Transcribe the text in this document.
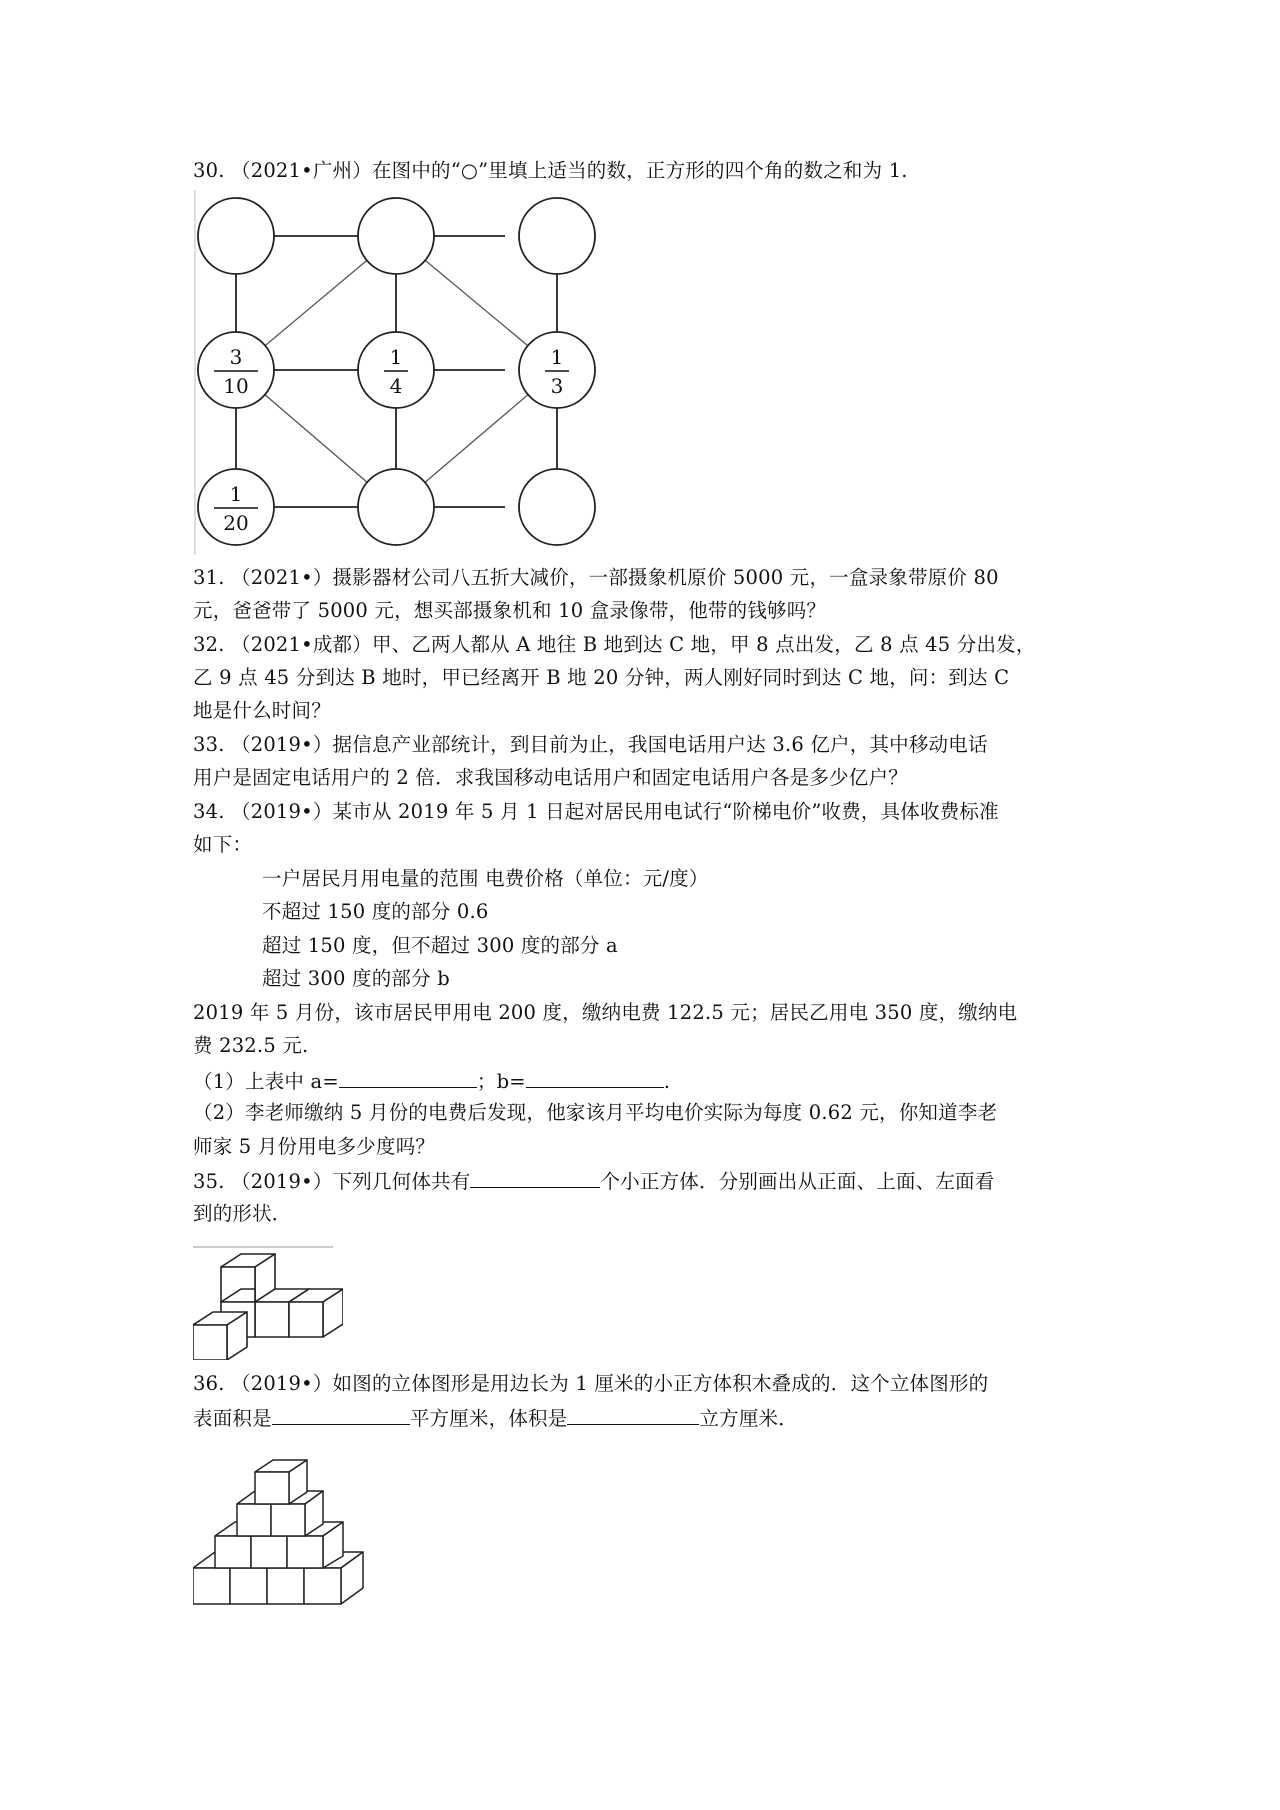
30. （2021•广州）在图中的“○”里填上适当的数，正方形的四个角的数之和为 1.
3
10
1
4
1
3
1
20
31. （2021•）摄影器材公司八五折大减价，一部摄象机原价 5000 元，一盒录象带原价 80
元，爸爸带了 5000 元，想买部摄象机和 10 盒录像带，他带的钱够吗？
32. （2021•成都）甲、乙两人都从 A 地往 B 地到达 C 地，甲 8 点出发，乙 8 点 45 分出发，
乙 9 点 45 分到达 B 地时，甲已经离开 B 地 20 分钟，两人刚好同时到达 C 地，问：到达 C
地是什么时间？
33. （2019•）据信息产业部统计，到目前为止，我国电话用户达 3.6 亿户，其中移动电话
用户是固定电话用户的 2 倍．求我国移动电话用户和固定电话用户各是多少亿户？
34. （2019•）某市从 2019 年 5 月 1 日起对居民用电试行“阶梯电价”收费，具体收费标准
如下：
一户居民月用电量的范围 电费价格（单位：元/度）
不超过 150 度的部分 0.6
超过 150 度，但不超过 300 度的部分 a
超过 300 度的部分 b
2019 年 5 月份，该市居民甲用电 200 度，缴纳电费 122.5 元；居民乙用电 350 度，缴纳电
费 232.5 元.
（1）上表中 a=	；b=	.
（2）李老师缴纳 5 月份的电费后发现，他家该月平均电价实际为每度 0.62 元，你知道李老
师家 5 月份用电多少度吗？
35. （2019•）下列几何体共有	个小正方体．分别画出从正面、上面、左面看
到的形状．
36. （2019•）如图的立体图形是用边长为 1 厘米的小正方体积木叠成的．这个立体图形的
表面积是	平方厘米，体积是	立方厘米．
